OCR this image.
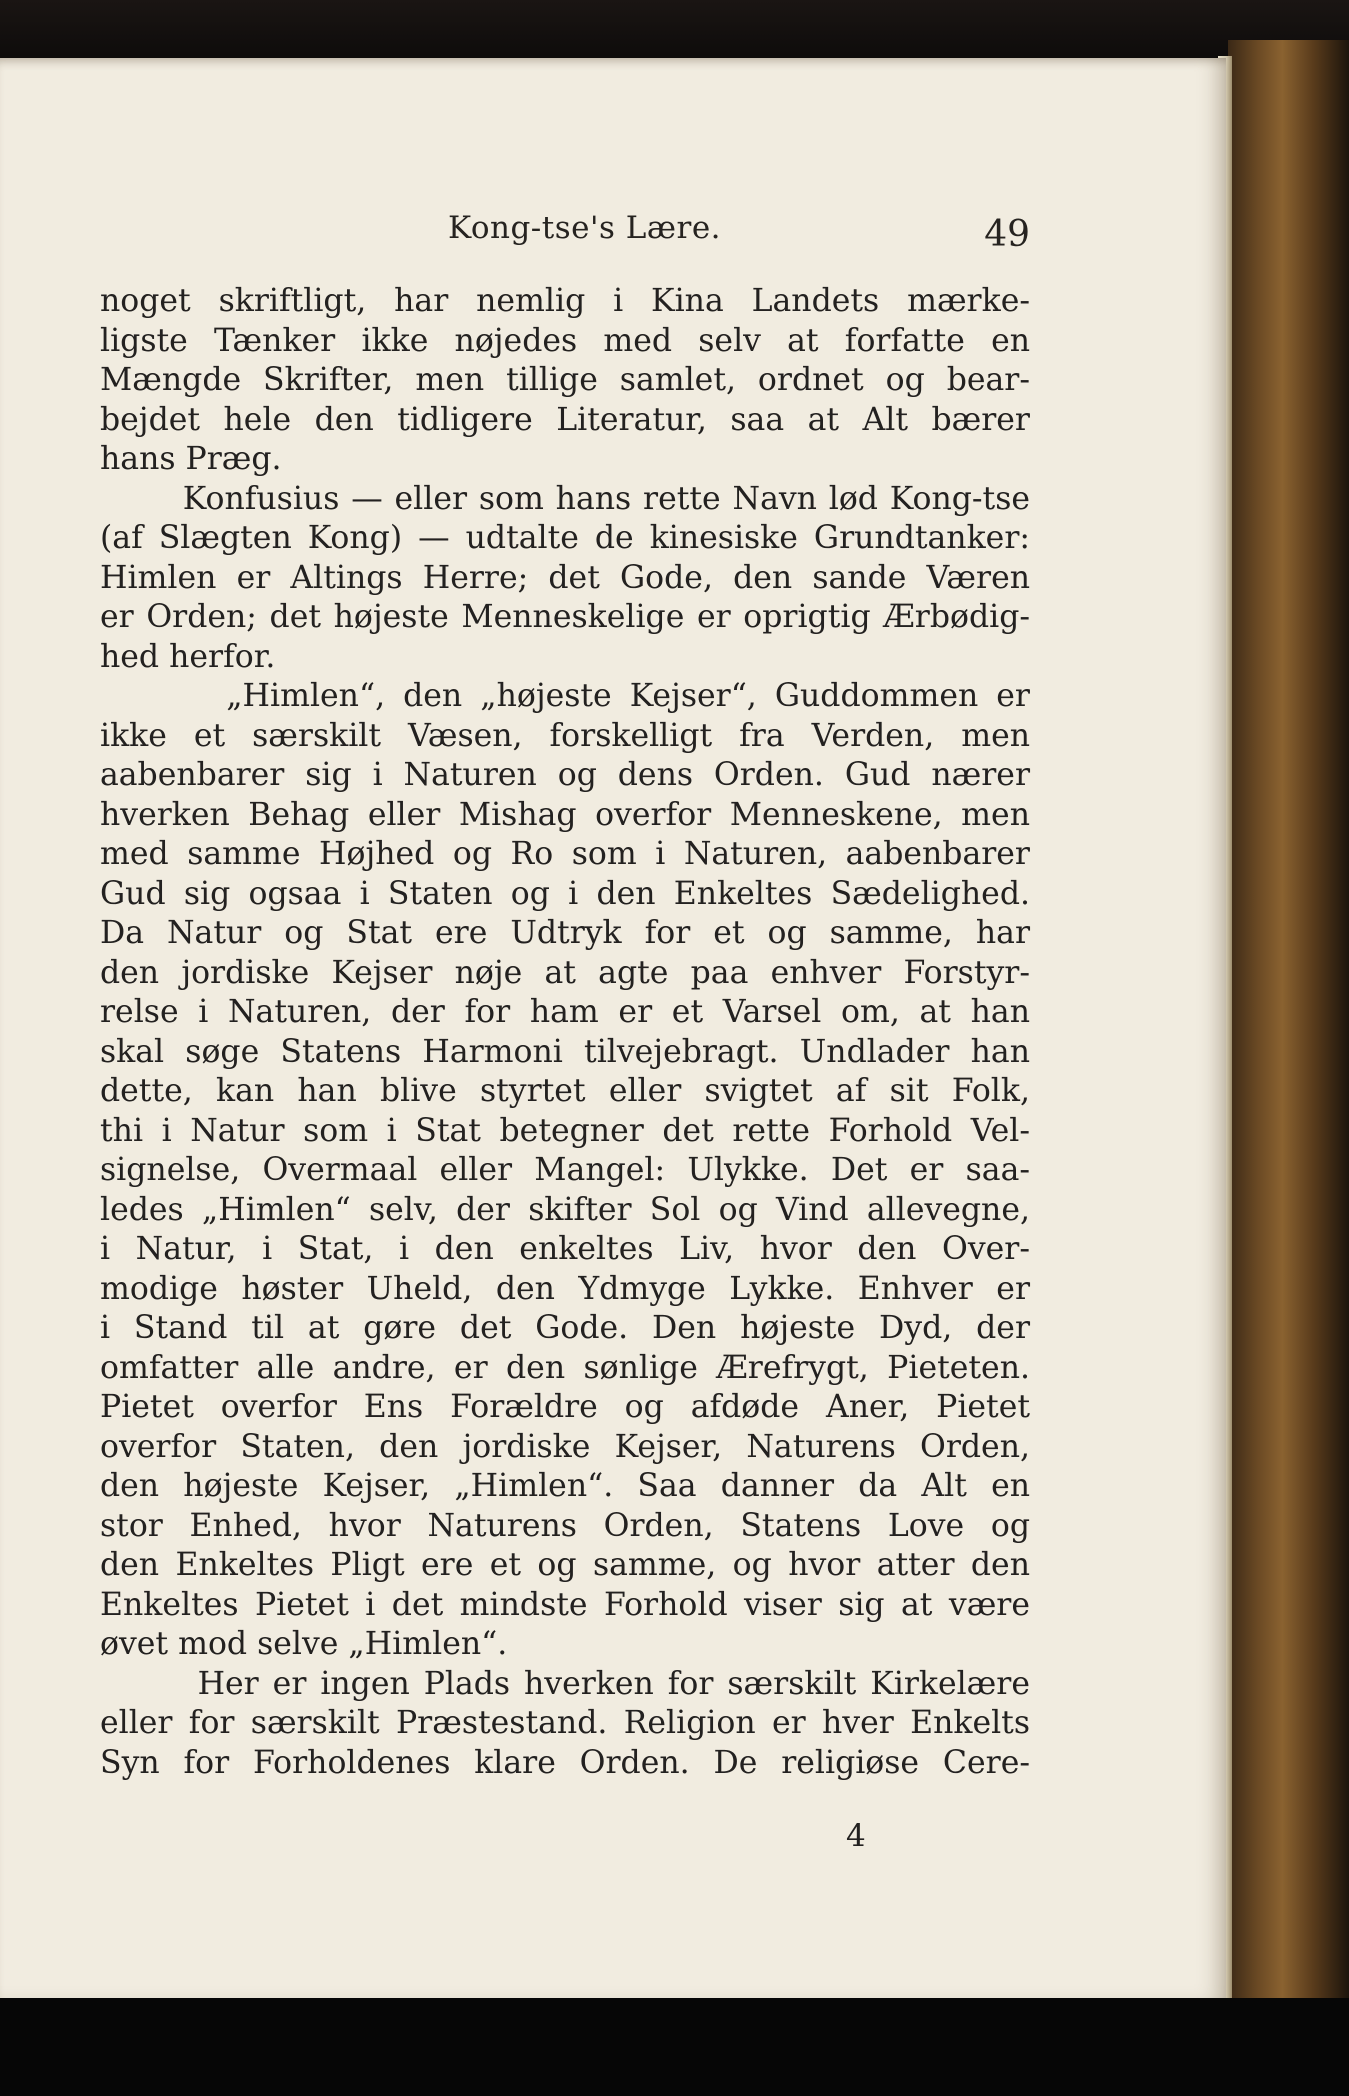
Kong-tse's Lære.	49
noget skriftligt, har nemlig i Kina Landets mærke-
ligste Tænker ikke nøjedes med selv at forfatte en
Mængde Skrifter, men tillige samlet, ordnet og bear-
bejdet hele den tidligere Literatur, saa at Alt bærer
hans Præg.
Konfusius — eller som hans rette Navn lød Kong-tse
(af Slægten Kong) — udtalte de kinesiske Grundtanker:
Himlen er Altings Herre; det Gode, den sande Væren
er Orden; det højeste Menneskelige er oprigtig Ærbødig-
hed herfor.
„Himlen“, den „højeste Kejser“, Guddommen er
ikke et særskilt Væsen, forskelligt fra Verden, men
aabenbarer sig i Naturen og dens Orden. Gud nærer
hverken Behag eller Mishag overfor Menneskene, men
med samme Højhed og Ro som i Naturen, aabenbarer
Gud sig ogsaa i Staten og i den Enkeltes Sædelighed.
Da Natur og Stat ere Udtryk for et og samme, har
den jordiske Kejser nøje at agte paa enhver Forstyr-
relse i Naturen, der for ham er et Varsel om, at han
skal søge Statens Harmoni tilvejebragt. Undlader han
dette, kan han blive styrtet eller svigtet af sit Folk,
thi i Natur som i Stat betegner det rette Forhold Vel-
signelse, Overmaal eller Mangel: Ulykke. Det er saa-
ledes „Himlen“ selv, der skifter Sol og Vind allevegne,
i Natur, i Stat, i den enkeltes Liv, hvor den Over-
modige høster Uheld, den Ydmyge Lykke. Enhver er
i Stand til at gøre det Gode. Den højeste Dyd, der
omfatter alle andre, er den sønlige Ærefrygt, Pieteten.
Pietet overfor Ens Forældre og afdøde Aner, Pietet
overfor Staten, den jordiske Kejser, Naturens Orden,
den højeste Kejser, „Himlen“. Saa danner da Alt en
stor Enhed, hvor Naturens Orden, Statens Love og
den Enkeltes Pligt ere et og samme, og hvor atter den
Enkeltes Pietet i det mindste Forhold viser sig at være
øvet mod selve „Himlen“.
Her er ingen Plads hverken for særskilt Kirkelære
eller for særskilt Præstestand. Religion er hver Enkelts
Syn for Forholdenes klare Orden. De religiøse Cere-
4
